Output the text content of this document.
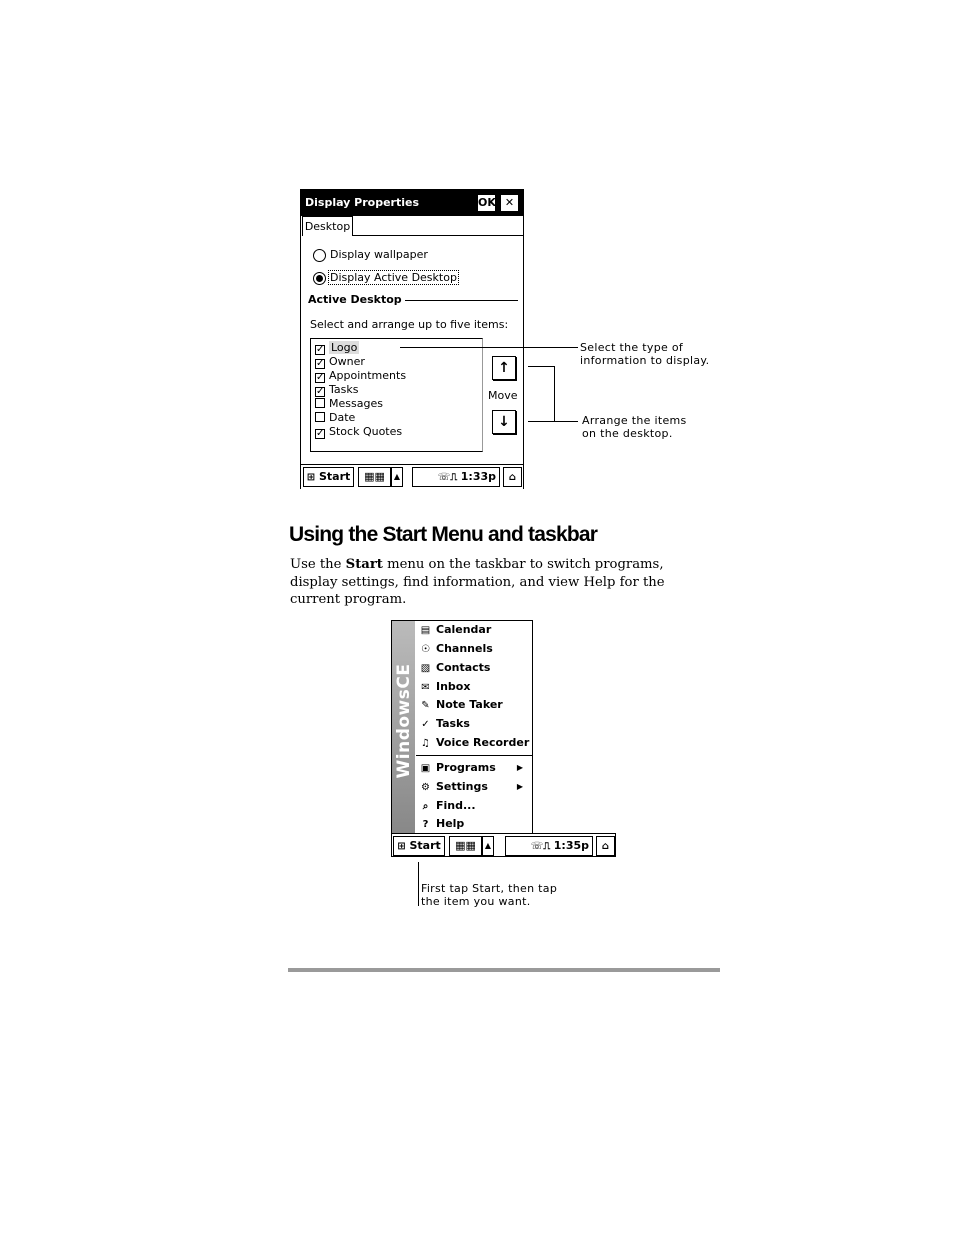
Display Properties	OK ✕
Desktop
Display wallpaper
Display Active Desktop
Active Desktop
Select and arrange up to five items:
✓ Logo
✓ Owner
✓ Appointments
✓ Tasks
Messages
Date
✓ Stock Quotes
↑
Move
↓
⊞ Start	▦▦	▲	☏⎍ 1:33p	⌂
Select the type of
information to display.
Arrange the items
on the desktop.
Using the Start Menu and taskbar
Use the Start menu on the taskbar to switch programs, display settings, find information, and view Help for the current program.
WindowsCE
▤ Calendar
☉ Channels
▧ Contacts
✉ Inbox
✎ Note Taker
✓ Tasks
♫ Voice Recorder
▣ Programs	▶
⚙ Settings	▶
⌕ Find...
? Help
⊞ Start	▦▦	▲	☏⎍ 1:35p	⌂
First tap Start, then tap
the item you want.
